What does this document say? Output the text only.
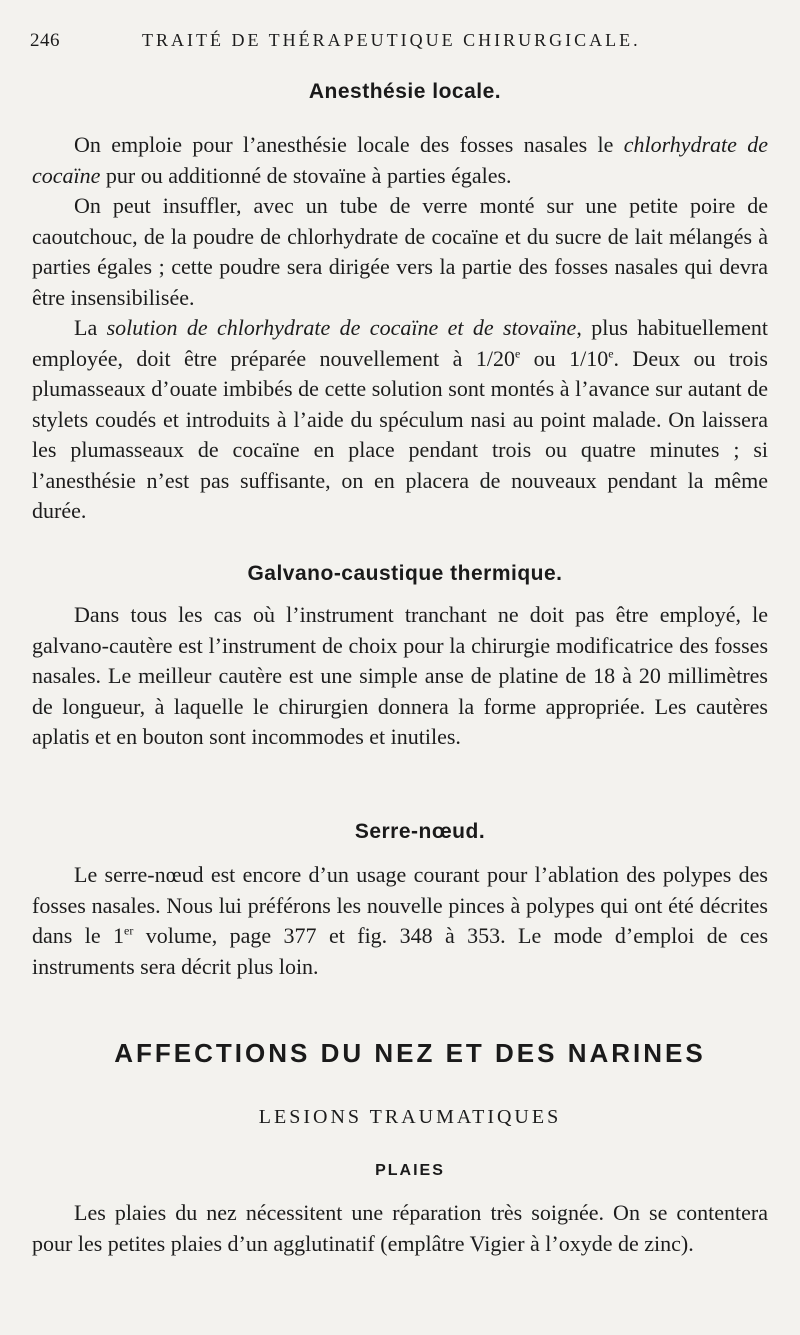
246	TRAITÉ DE THÉRAPEUTIQUE CHIRURGICALE.
Anesthésie locale.

On emploie pour l’anesthésie locale des fosses nasales le chlorhydrate de cocaïne pur ou additionné de stovaïne à parties égales.

On peut insuffler, avec un tube de verre monté sur une petite poire de caoutchouc, de la poudre de chlorhydrate de cocaïne et du sucre de lait mélangés à parties égales ; cette poudre sera dirigée vers la partie des fosses nasales qui devra être insensibilisée.

La solution de chlorhydrate de cocaïne et de stovaïne, plus habituellement employée, doit être préparée nouvellement à 1/20e ou 1/10e. Deux ou trois plumasseaux d’ouate imbibés de cette solution sont montés à l’avance sur autant de stylets coudés et introduits à l’aide du spéculum nasi au point malade. On laissera les plumasseaux de cocaïne en place pendant trois ou quatre minutes ; si l’anesthésie n’est pas suffisante, on en placera de nouveaux pendant la même durée.

Galvano-caustique thermique.

Dans tous les cas où l’instrument tranchant ne doit pas être employé, le galvano-cautère est l’instrument de choix pour la chirurgie modificatrice des fosses nasales. Le meilleur cautère est une simple anse de platine de 18 à 20 millimètres de longueur, à laquelle le chirurgien donnera la forme appropriée. Les cautères aplatis et en bouton sont incommodes et inutiles.

Serre-nœud.

Le serre-nœud est encore d’un usage courant pour l’ablation des polypes des fosses nasales. Nous lui préférons les nouvelle pinces à polypes qui ont été décrites dans le 1er volume, page 377 et fig. 348 à 353. Le mode d’emploi de ces instruments sera décrit plus loin.

AFFECTIONS DU NEZ ET DES NARINES
LESIONS TRAUMATIQUES
PLAIES

Les plaies du nez nécessitent une réparation très soignée. On se contentera pour les petites plaies d’un agglutinatif (emplâtre Vigier à l’oxyde de zinc).
